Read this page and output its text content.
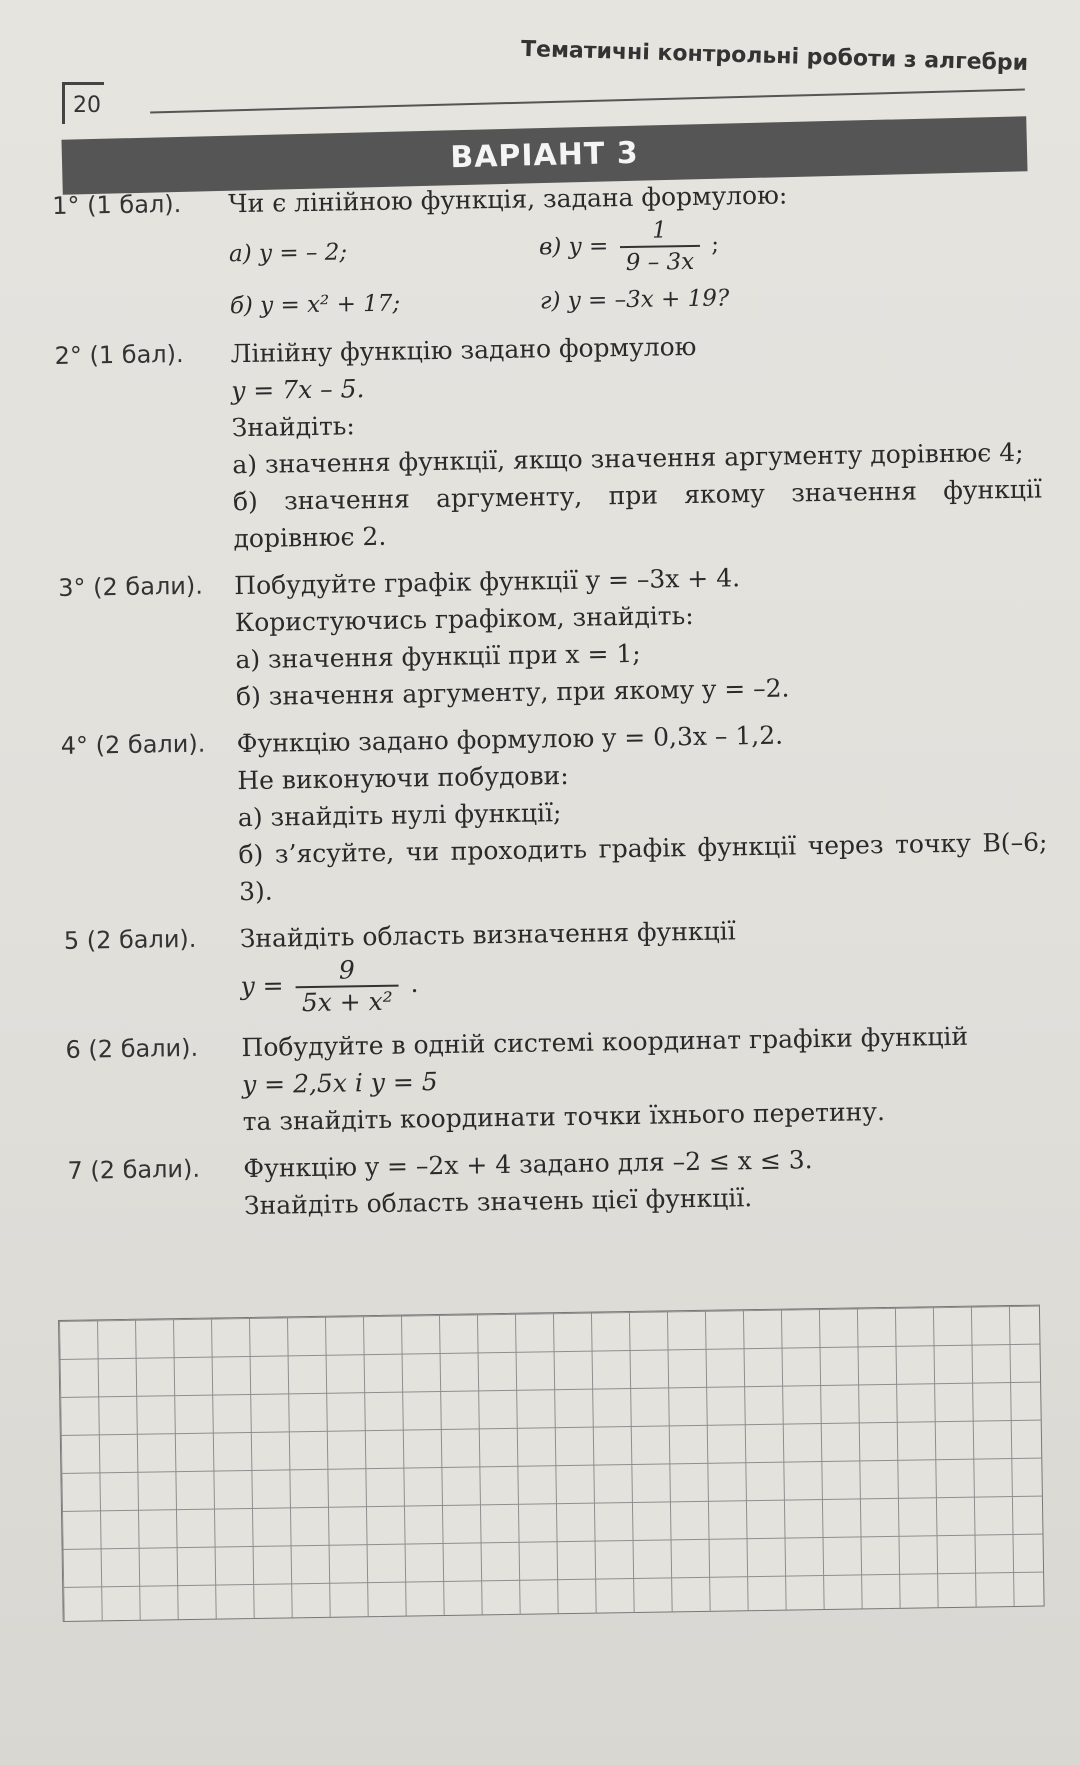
Тематичні контрольні роботи з алгебри
20
ВАРІАНТ 3
1° (1 бал).	Чи є лінійною функція, задана формулою:
а) y = – 2;	в) $y = \frac{1}{9 - 3x}$ ;
б) y = x² + 17;	г) y = –3x + 19?
2° (1 бал).	Лінійну функцію задано формулою
y = 7x – 5.
Знайдіть:
а) значення функції, якщо значення аргументу дорівнює 4;
б) значення аргументу, при якому значення функції дорівнює 2.
3° (2 бали).	Побудуйте графік функції y = –3x + 4.
Користуючись графіком, знайдіть:
а) значення функції при x = 1;
б) значення аргументу, при якому y = –2.
4° (2 бали).	Функцію задано формулою y = 0,3x – 1,2.
Не виконуючи побудови:
а) знайдіть нулі функції;
б) з’ясуйте, чи проходить графік функції через точку B(–6; 3).
5 (2 бали).	Знайдіть область визначення функції
$y = \frac{9}{\text{5x + x²}}$ .
6 (2 бали).	Побудуйте в одній системі координат графіки функцій
y = 2,5x і y = 5
та знайдіть координати точки їхнього перетину.
7 (2 бали).	Функцію y = –2x + 4 задано для –2 ≤ x ≤ 3.
Знайдіть область значень цієї функції.
